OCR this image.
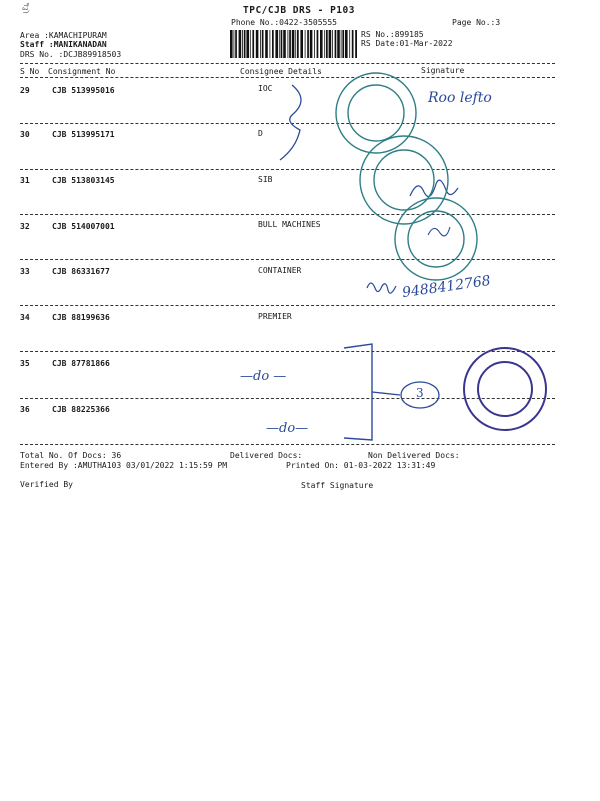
ಎ್ರೆ	TPC/CJB DRS - P103
Phone No.:0422-3505555	Page No.:3
Area :KAMACHIPURAM
Staff :MANIKANADAN
DRS No. :DCJB89918503
RS No.:899185
RS Date:01-Mar-2022
S No Consignment No	Consignee Details	Signature
29	CJB 513995016	IOC
30	CJB 513995171	D
31	CJB 513803145	SIB
32	CJB 514007001	BULL MACHINES
33	CJB 86331677	CONTAINER
34	CJB 88199636	PREMIER
35	CJB 87781866
36	CJB 88225366
Total No. Of Docs: 36	Delivered Docs:	Non Delivered Docs:
Entered By :AMUTHA103 03/01/2022 1:15:59 PM	Printed On: 01-03-2022 13:31:49
Verified By	Staff Signature
Roo lefto
9488412768
—do —
—do—
3
